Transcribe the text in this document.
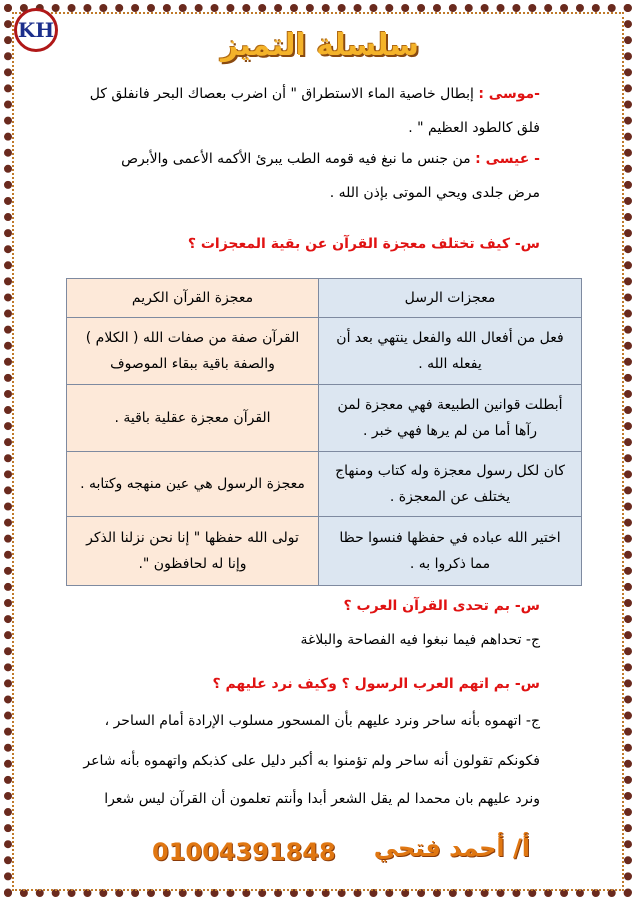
KH	سلسلة التميز
-موسى : إبطال خاصية الماء الاستطراق " أن اضرب بعصاك البحر فانفلق كل
فلق كالطود العظيم " .
- عيسى : من جنس ما نبغ فيه قومه الطب يبرئ الأكمه الأعمى والأبرص
مرض جلدى ويحي الموتى بإذن الله .
س- كيف تختلف معجزة القرآن عن بقية المعجزات ؟
معجزات الرسل	معجزة القرآن الكريم
فعل من أفعال الله والفعل ينتهي بعد أن يفعله الله .	القرآن صفة من صفات الله ( الكلام ) والصفة باقية ببقاء الموصوف
أبطلت قوانين الطبيعة فهي معجزة لمن رآها أما من لم يرها فهي خبر .	القرآن معجزة عقلية باقية .
كان لكل رسول معجزة وله كتاب ومنهاج يختلف عن المعجزة .	معجزة الرسول هي عين منهجه وكتابه .
اختير الله عباده في حفظها فنسوا حظا مما ذكروا به .	تولى الله حفظها " إنا نحن نزلنا الذكر وإنا له لحافظون ".
س- بم تحدى القرآن العرب ؟
ج- تحداهم فيما نبغوا فيه الفصاحة والبلاغة
س- بم اتهم العرب الرسول ؟ وكيف نرد عليهم ؟
ج- اتهموه بأنه ساحر ونرد عليهم بأن المسحور مسلوب الإرادة أمام الساحر ،
فكونكم تقولون أنه ساحر ولم تؤمنوا به أكبر دليل على كذبكم واتهموه بأنه شاعر
ونرد عليهم بان محمدا لم يقل الشعر أبدا وأنتم تعلمون أن القرآن ليس شعرا
01004391848 أ/ أحمد فتحي
